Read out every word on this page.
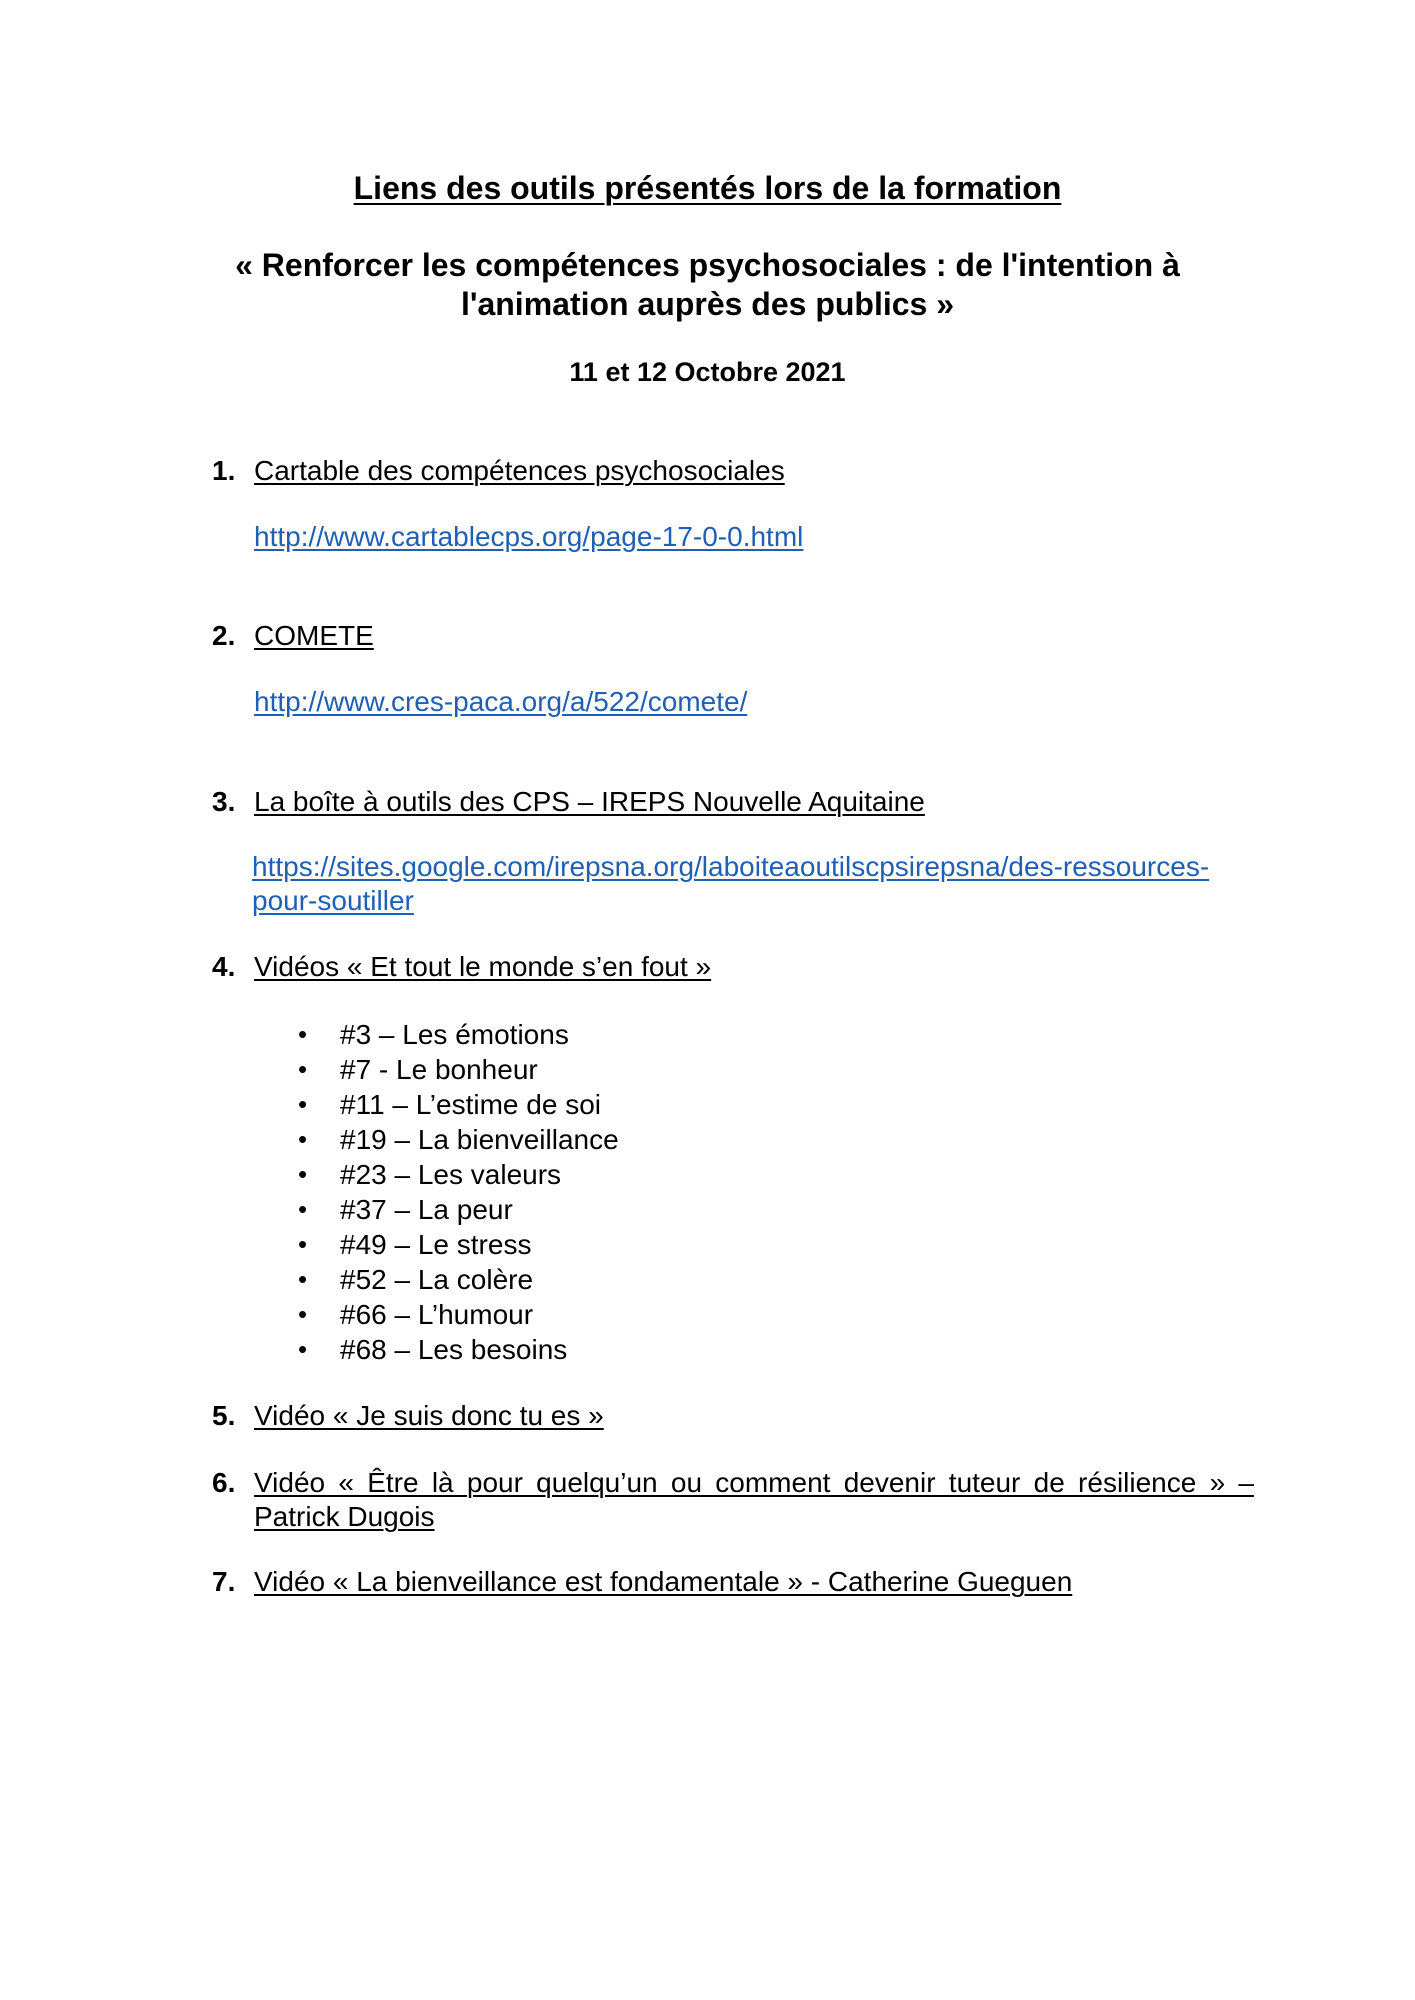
Liens des outils présentés lors de la formation
« Renforcer les compétences psychosociales : de l'intention à
l'animation auprès des publics »
11 et 12 Octobre 2021
1. Cartable des compétences psychosociales
http://www.cartablecps.org/page-17-0-0.html
2. COMETE
http://www.cres-paca.org/a/522/comete/
3. La boîte à outils des CPS – IREPS Nouvelle Aquitaine
https://sites.google.com/irepsna.org/laboiteaoutilscpsirepsna/des-ressources-
pour-soutiller
4. Vidéos « Et tout le monde s’en fout »
• #3 – Les émotions
• #7 - Le bonheur
• #11 – L’estime de soi
• #19 – La bienveillance
• #23 – Les valeurs
• #37 – La peur
• #49 – Le stress
• #52 – La colère
• #66 – L’humour
• #68 – Les besoins
5. Vidéo « Je suis donc tu es »
6. Vidéo « Être là pour quelqu’un ou comment devenir tuteur de résilience » –
Patrick Dugois
7. Vidéo « La bienveillance est fondamentale » - Catherine Gueguen
